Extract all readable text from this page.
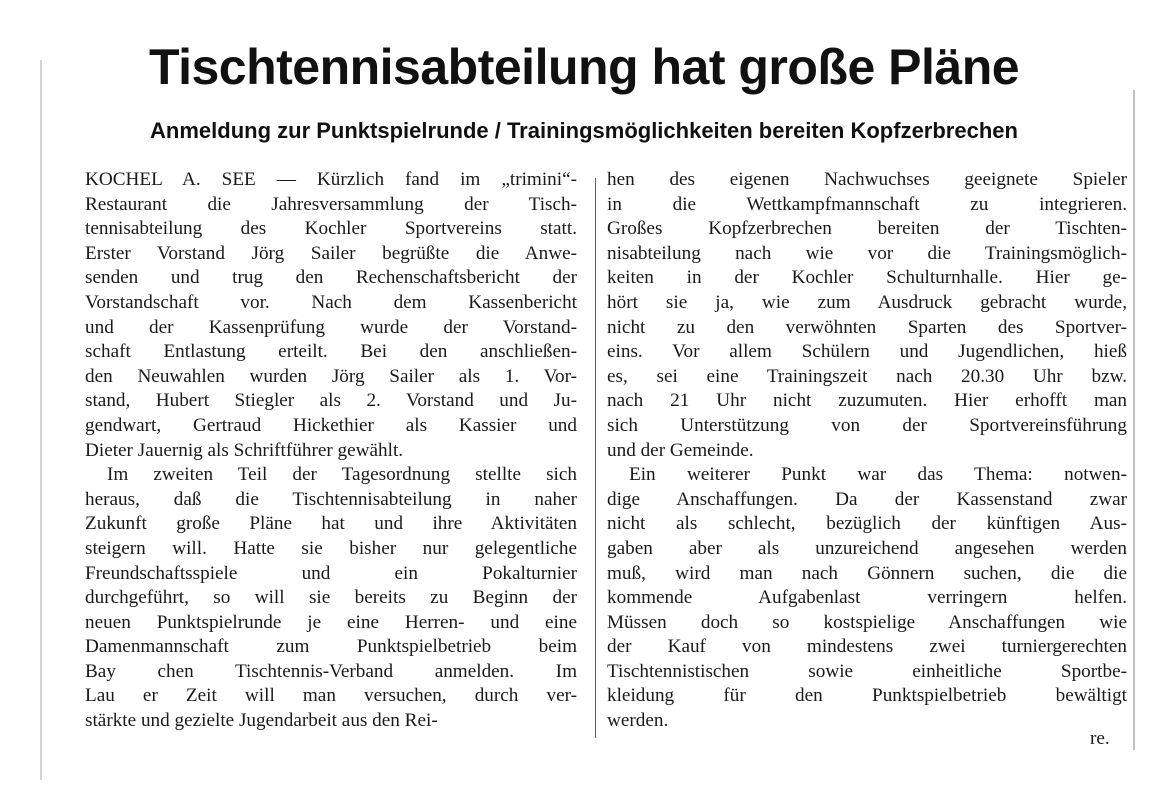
Tischtennisabteilung hat große Pläne
Anmeldung zur Punktspielrunde / Trainingsmöglichkeiten bereiten Kopfzerbrechen
KOCHEL A. SEE — Kürzlich fand im „trimini“-
Restaurant die Jahresversammlung der Tisch-
tennisabteilung des Kochler Sportvereins statt.
Erster Vorstand Jörg Sailer begrüßte die Anwe-
senden und trug den Rechenschaftsbericht der
Vorstandschaft vor. Nach dem Kassenbericht
und der Kassenprüfung wurde der Vorstand-
schaft Entlastung erteilt. Bei den anschließen-
den Neuwahlen wurden Jörg Sailer als 1. Vor-
stand, Hubert Stiegler als 2. Vorstand und Ju-
gendwart, Gertraud Hickethier als Kassier und
Dieter Jauernig als Schriftführer gewählt.
Im zweiten Teil der Tagesordnung stellte sich
heraus, daß die Tischtennisabteilung in naher
Zukunft große Pläne hat und ihre Aktivitäten
steigern will. Hatte sie bisher nur gelegentliche
Freundschaftsspiele und ein Pokalturnier
durchgeführt, so will sie bereits zu Beginn der
neuen Punktspielrunde je eine Herren- und eine
Damenmannschaft zum Punktspielbetrieb beim
Bay chen Tischtennis-Verband anmelden. Im
Lau er Zeit will man versuchen, durch ver-
stärkte und gezielte Jugendarbeit aus den Rei-
hen des eigenen Nachwuchses geeignete Spieler
in die Wettkampfmannschaft zu integrieren.
Großes Kopfzerbrechen bereiten der Tischten-
nisabteilung nach wie vor die Trainingsmöglich-
keiten in der Kochler Schulturnhalle. Hier ge-
hört sie ja, wie zum Ausdruck gebracht wurde,
nicht zu den verwöhnten Sparten des Sportver-
eins. Vor allem Schülern und Jugendlichen, hieß
es, sei eine Trainingszeit nach 20.30 Uhr bzw.
nach 21 Uhr nicht zuzumuten. Hier erhofft man
sich Unterstützung von der Sportvereinsführung
und der Gemeinde.
Ein weiterer Punkt war das Thema: notwen-
dige Anschaffungen. Da der Kassenstand zwar
nicht als schlecht, bezüglich der künftigen Aus-
gaben aber als unzureichend angesehen werden
muß, wird man nach Gönnern suchen, die die
kommende Aufgabenlast verringern helfen.
Müssen doch so kostspielige Anschaffungen wie
der Kauf von mindestens zwei turniergerechten
Tischtennistischen sowie einheitliche Sportbe-
kleidung für den Punktspielbetrieb bewältigt
werden.
re.
